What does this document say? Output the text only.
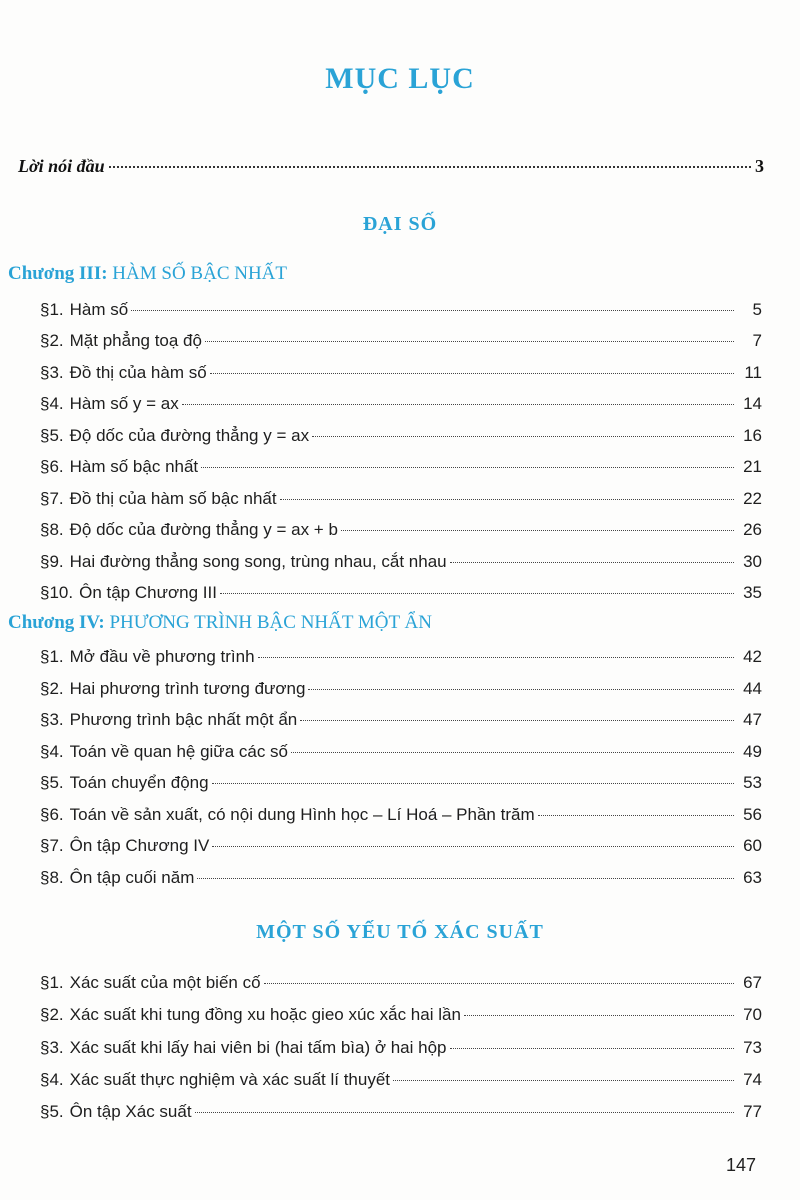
MỤC LỤC
Lời nói đầu	3
ĐẠI SỐ
Chương III: HÀM SỐ BẬC NHẤT
§1. Hàm số	5
§2. Mặt phẳng toạ độ	7
§3. Đồ thị của hàm số	11
§4. Hàm số y = ax	14
§5. Độ dốc của đường thẳng y = ax	16
§6. Hàm số bậc nhất	21
§7. Đồ thị của hàm số bậc nhất	22
§8. Độ dốc của đường thẳng y = ax + b	26
§9. Hai đường thẳng song song, trùng nhau, cắt nhau	30
§10. Ôn tập Chương III	35
Chương IV: PHƯƠNG TRÌNH BẬC NHẤT MỘT ẨN
§1. Mở đầu về phương trình	42
§2. Hai phương trình tương đương	44
§3. Phương trình bậc nhất một ẩn	47
§4. Toán về quan hệ giữa các số	49
§5. Toán chuyển động	53
§6. Toán về sản xuất, có nội dung Hình học – Lí Hoá – Phần trăm	56
§7. Ôn tập Chương IV	60
§8. Ôn tập cuối năm	63
MỘT SỐ YẾU TỐ XÁC SUẤT
§1. Xác suất của một biến cố	67
§2. Xác suất khi tung đồng xu hoặc gieo xúc xắc hai lần	70
§3. Xác suất khi lấy hai viên bi (hai tấm bìa) ở hai hộp	73
§4. Xác suất thực nghiệm và xác suất lí thuyết	74
§5. Ôn tập Xác suất	77
147
